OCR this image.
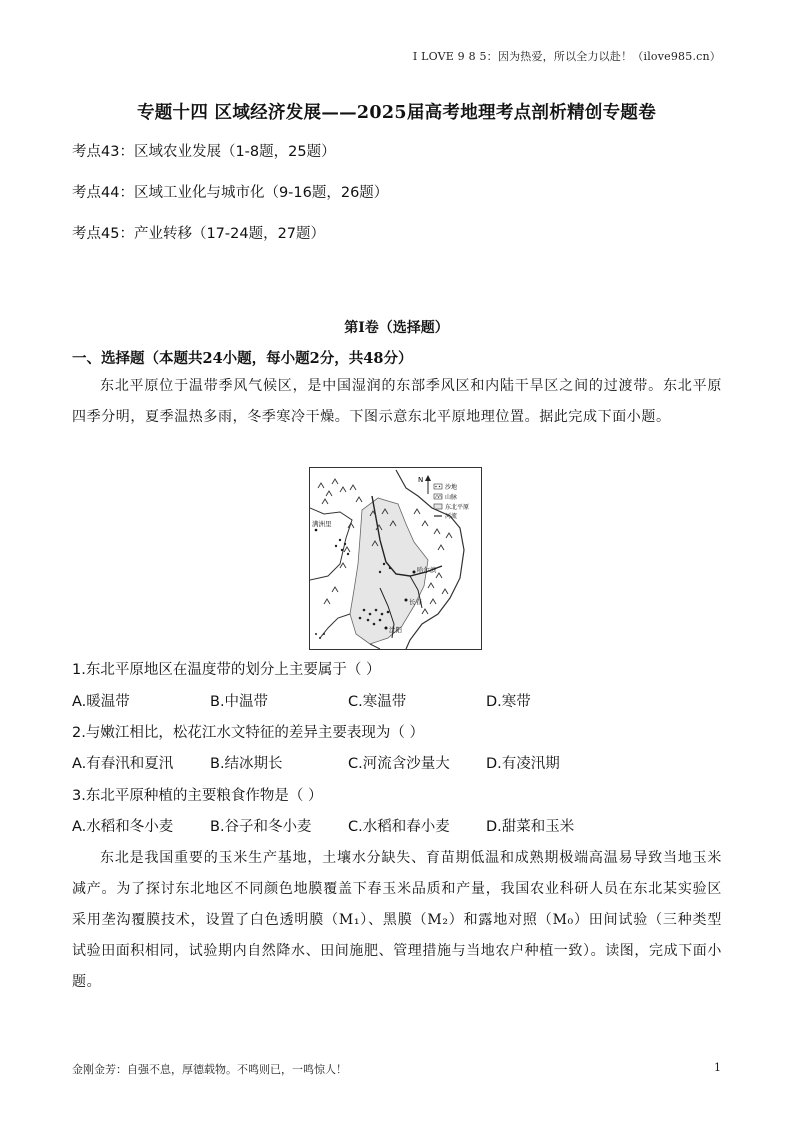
I LOVE 9 8 5：因为热爱，所以全力以赴！（ilove985.cn）
专题十四 区域经济发展——2025届高考地理考点剖析精创专题卷
考点43：区域农业发展（1-8题，25题）
考点44：区域工业化与城市化（9-16题，26题）
考点45：产业转移（17-24题，27题）
第I卷（选择题）
一、选择题（本题共24小题，每小题2分，共48分）
东北平原位于温带季风气候区，是中国湿润的东部季风区和内陆干旱区之间的过渡带。东北平原四季分明，夏季温热多雨，冬季寒冷干燥。下图示意东北平原地理位置。据此完成下面小题。
N
沙地
山脉
东北平原
河流
满洲里
哈尔滨
长春
沈阳
1.东北平原地区在温度带的划分上主要属于（ ）
A.暖温带	B.中温带	C.寒温带	D.寒带
2.与嫩江相比，松花江水文特征的差异主要表现为（ ）
A.有春汛和夏汛	B.结冰期长	C.河流含沙量大	D.有凌汛期
3.东北平原种植的主要粮食作物是（ ）
A.水稻和冬小麦	B.谷子和冬小麦	C.水稻和春小麦	D.甜菜和玉米
东北是我国重要的玉米生产基地，土壤水分缺失、育苗期低温和成熟期极端高温易导致当地玉米减产。为了探讨东北地区不同颜色地膜覆盖下春玉米品质和产量，我国农业科研人员在东北某实验区采用垄沟覆膜技术，设置了白色透明膜（M₁）、黑膜（M₂）和露地对照（M₀）田间试验（三种类型试验田面积相同，试验期内自然降水、田间施肥、管理措施与当地农户种植一致）。读图，完成下面小题。
金刚金芳：自强不息，厚德载物。不鸣则已，一鸣惊人！	1
